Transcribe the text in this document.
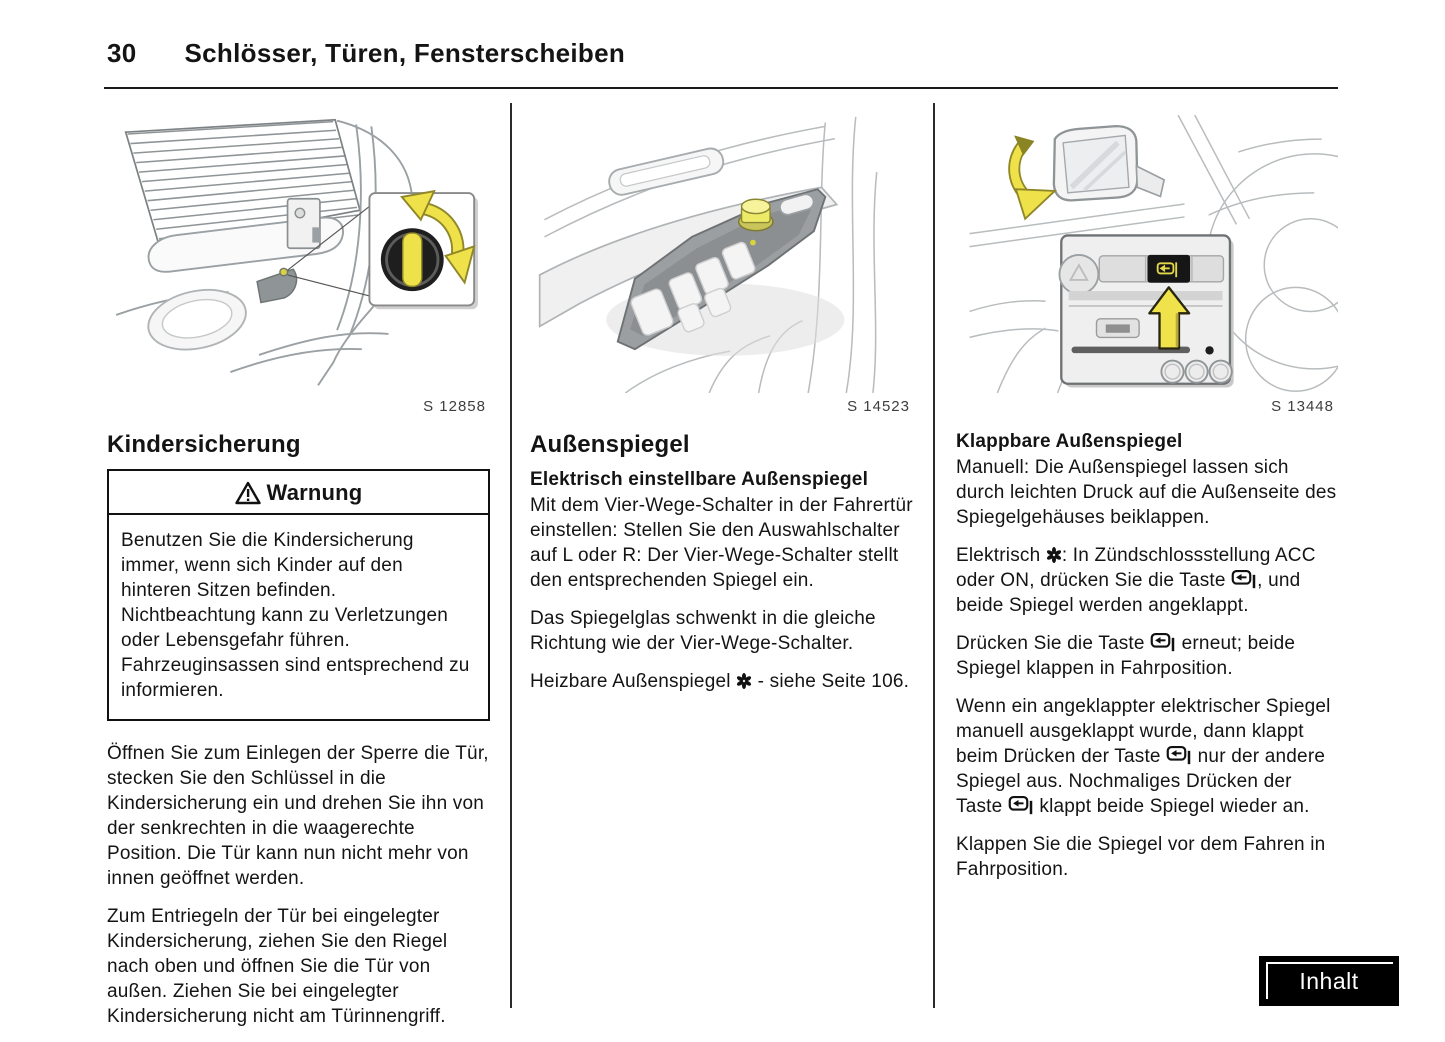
30 Schlösser, Türen, Fensterscheiben
S 12858
Kindersicherung
Warnung
Benutzen Sie die Kindersicherung immer, wenn sich Kinder auf den hinteren Sitzen befinden. Nichtbeachtung kann zu Verletzungen oder Lebensgefahr führen. Fahrzeuginsassen sind entsprechend zu informieren.

Öffnen Sie zum Einlegen der Sperre die Tür, stecken Sie den Schlüssel in die Kindersicherung ein und drehen Sie ihn von der senkrechten in die waagerechte Position. Die Tür kann nun nicht mehr von innen geöffnet werden.

Zum Entriegeln der Tür bei eingelegter Kindersicherung, ziehen Sie den Riegel nach oben und öffnen Sie die Tür von außen. Ziehen Sie bei eingelegter Kindersicherung nicht am Türinnengriff.

S 14523
Außenspiegel
Elektrisch einstellbare Außenspiegel

Mit dem Vier-Wege-Schalter in der Fahrertür einstellen: Stellen Sie den Auswahlschalter auf L oder R: Der Vier-Wege-Schalter stellt den entsprechenden Spiegel ein.

Das Spiegelglas schwenkt in die gleiche Richtung wie der Vier-Wege-Schalter.

Heizbare Außenspiegel  - siehe Seite 106.

S 13448
Klappbare Außenspiegel

Manuell: Die Außenspiegel lassen sich durch leichten Druck auf die Außenseite des Spiegelgehäuses beiklappen.

Elektrisch : In Zündschlossstellung ACC oder ON, drücken Sie die Taste , und beide Spiegel werden angeklappt.

Drücken Sie die Taste  erneut; beide Spiegel klappen in Fahrposition.

Wenn ein angeklappter elektrischer Spiegel manuell ausgeklappt wurde, dann klappt beim Drücken der Taste  nur der andere Spiegel aus. Nochmaliges Drücken der Taste  klappt beide Spiegel wieder an.

Klappen Sie die Spiegel vor dem Fahren in Fahrposition.

Inhalt
